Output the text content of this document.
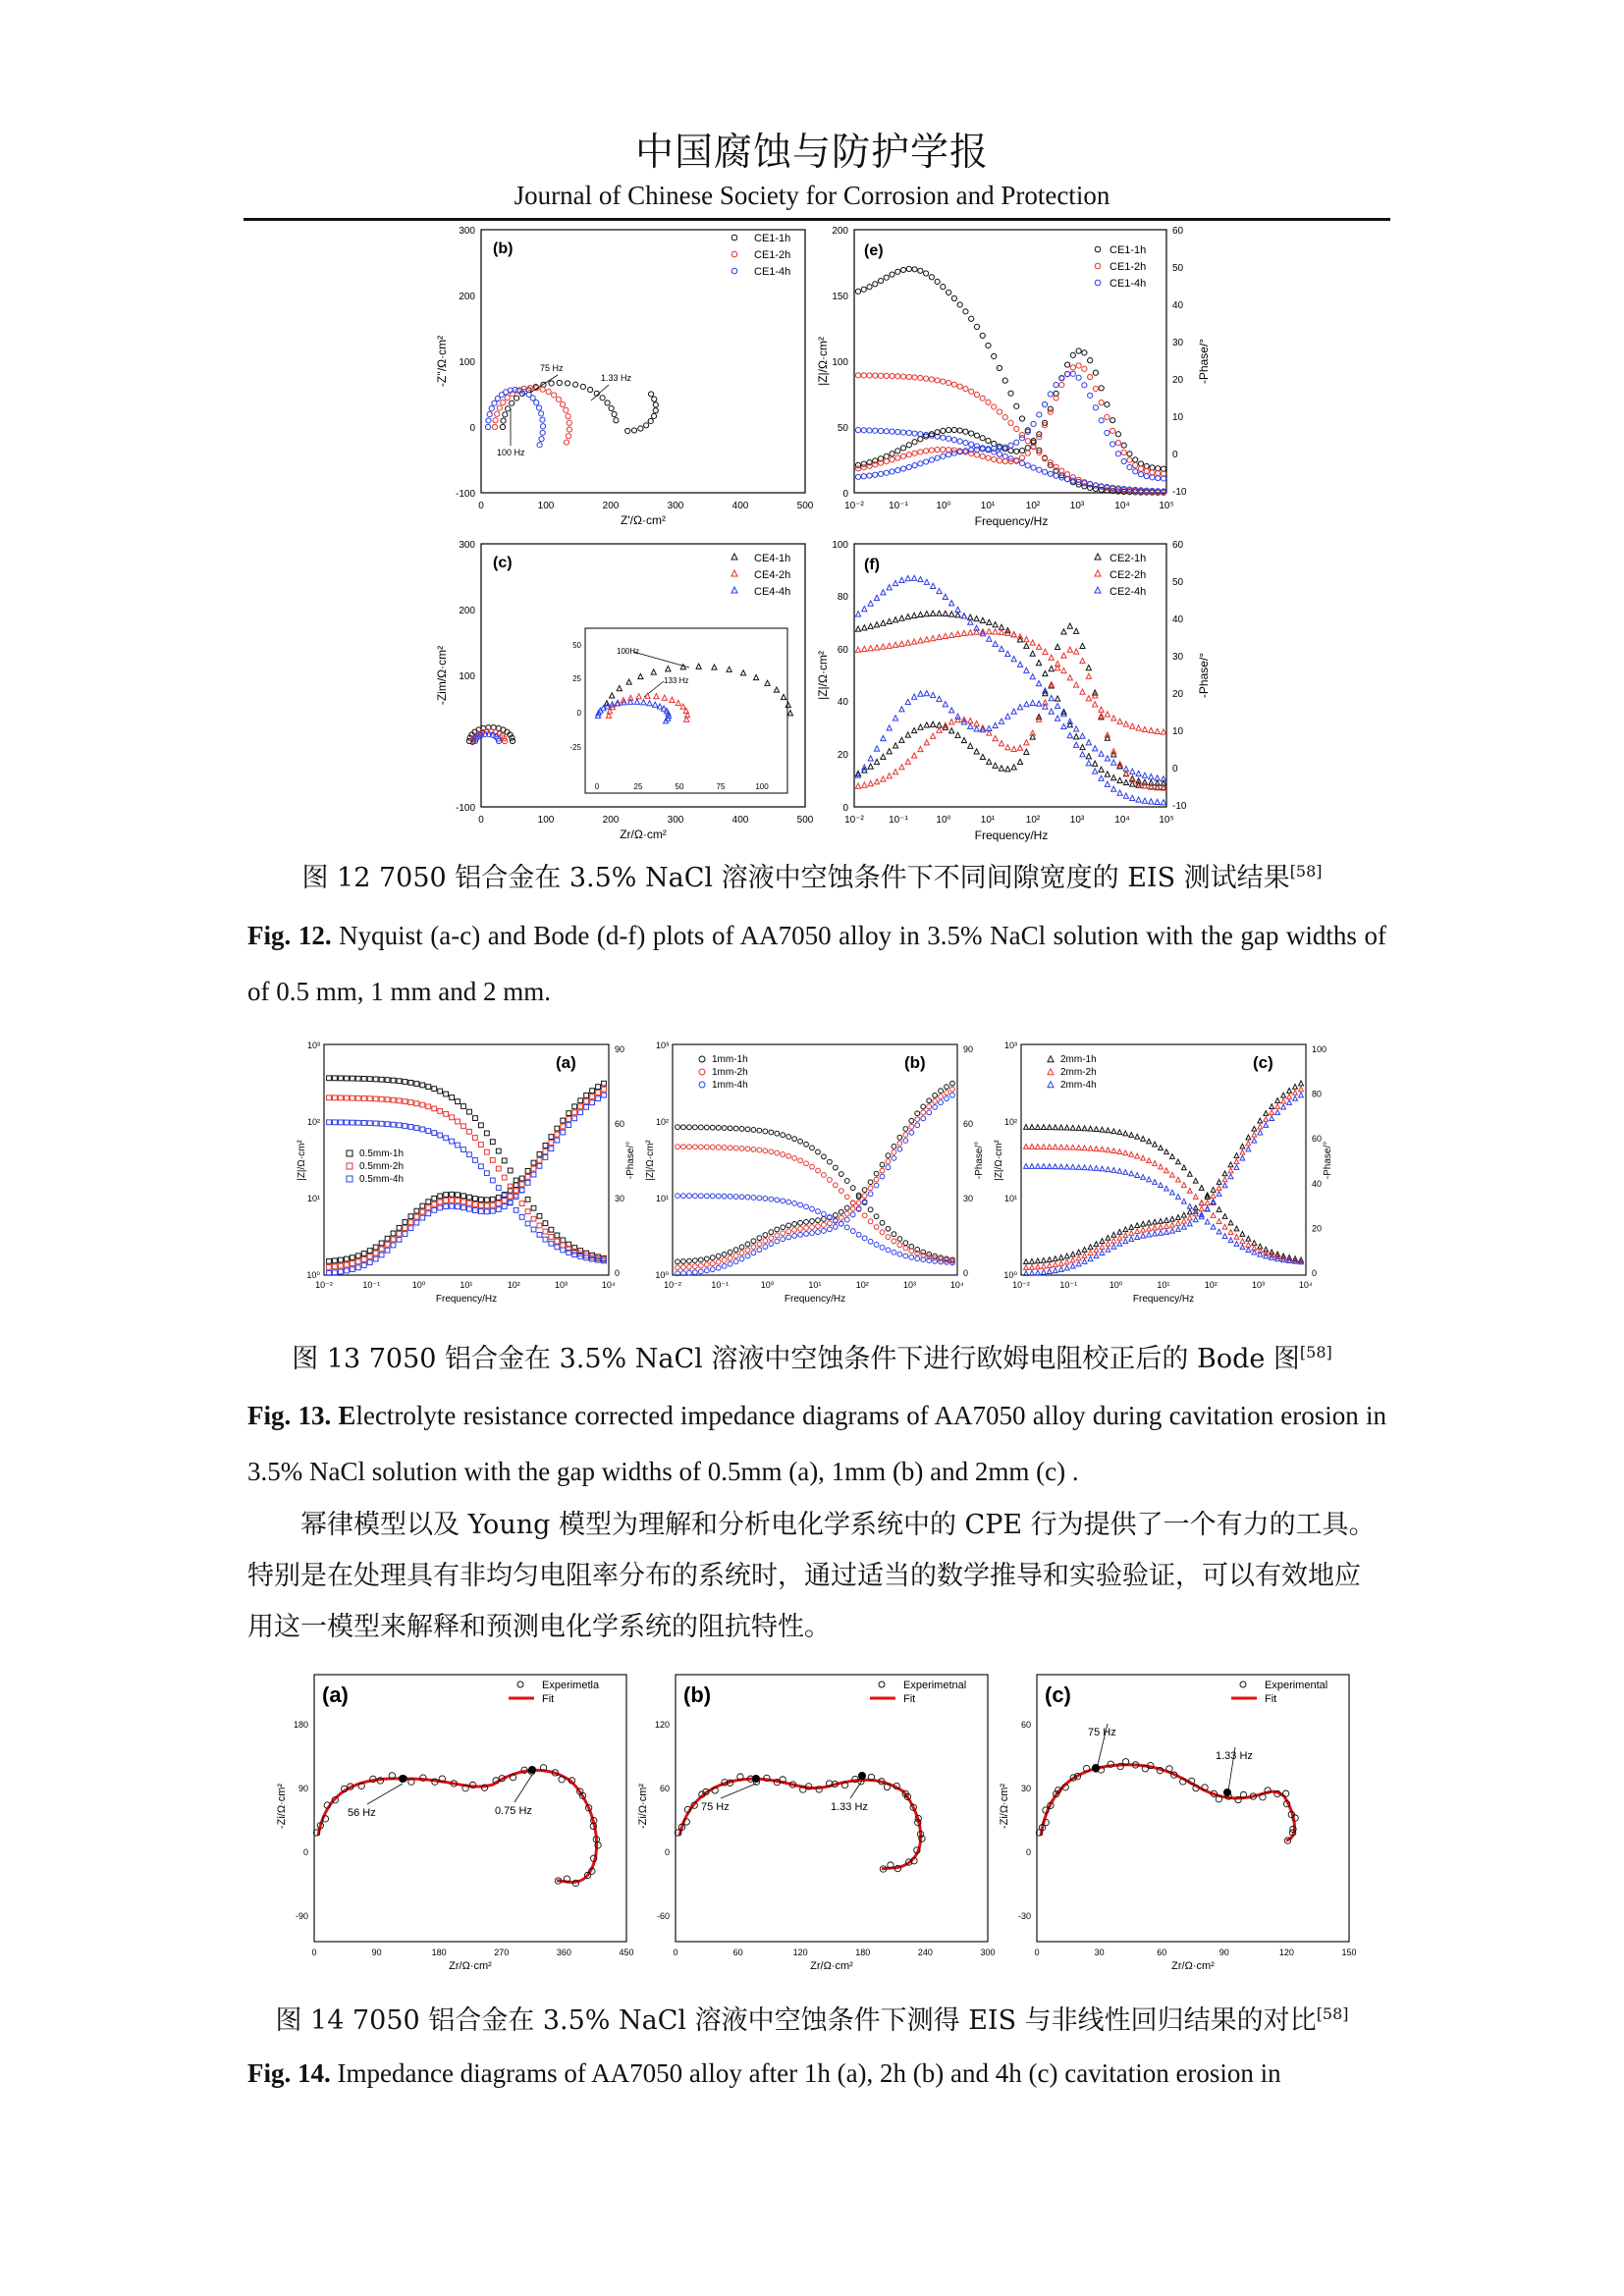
中国腐蚀与防护学报
Journal of Chinese Society for Corrosion and Protection
300
200
100
0
-100
0	100	200	300	400	500
Z'/Ω·cm²
-Z''/Ω·cm²
(b)
CE1-1h
CE1-2h
CE1-4h
75 Hz
1.33 Hz
100 Hz
200
150
100
50
0
60
50
40
30
20
10
0
-10
10⁻²	10⁻¹	10⁰	10¹	10²	10³	10⁴	10⁵
Frequency/Hz
|Z|/Ω·cm²	-Phase/°
(e)	CE1-1h
CE1-2h
CE1-4h
300
200
100
0
-100
0	100	200	300	400	500
Zr/Ω·cm²
-Zim/Ω·cm²
(c)	CE4-1h
CE4-2h
CE4-4h
50
25
0
-25
0	25	50	75	100
100Hz
133 Hz
100
80
60
40
20
0
60
50
40
30
20
10
0
-10
10⁻²	10⁻¹	10⁰	10¹	10²	10³	10⁴	10⁵
Frequency/Hz
|Z|/Ω·cm²	-Phase/°
(f)	CE2-1h
CE2-2h
CE2-4h
图 12 7050 铝合金在 3.5% NaCl 溶液中空蚀条件下不同间隙宽度的 EIS 测试结果[58]
Fig. 12. Nyquist (a-c) and Bode (d-f) plots of AA7050 alloy in 3.5% NaCl solution with the gap widths of of 0.5 mm, 1 mm and 2 mm.
10³
10²
10¹
10⁰
90
60
30
0
10⁻²	10⁻¹	10⁰	10¹	10²	10³	10⁴
Frequency/Hz
|Z|/Ω·cm²	-Phase/°
(a)
0.5mm-1h
0.5mm-2h
0.5mm-4h
10³
10²
10¹
10⁰
90
60
30
0
10⁻²	10⁻¹	10⁰	10¹	10²	10³	10⁴
Frequency/Hz
|Z|/Ω·cm²	-Phase/°
(b)
1mm-1h
1mm-2h
1mm-4h
10³
10²
10¹
10⁰
100
80
60
40
20
0
10⁻²	10⁻¹	10⁰	10¹	10²	10³	10⁴
Frequency/Hz
|Z|/Ω·cm²	-Phase/°
(c)
2mm-1h
2mm-2h
2mm-4h
图 13 7050 铝合金在 3.5% NaCl 溶液中空蚀条件下进行欧姆电阻校正后的 Bode 图[58]
Fig. 13. Electrolyte resistance corrected impedance diagrams of AA7050 alloy during cavitation erosion in 3.5% NaCl solution with the gap widths of 0.5mm (a), 1mm (b) and 2mm (c) .
幂律模型以及 Young 模型为理解和分析电化学系统中的 CPE 行为提供了一个有力的工具。特别是在处理具有非均匀电阻率分布的系统时，通过适当的数学推导和实验验证，可以有效地应用这一模型来解释和预测电化学系统的阻抗特性。
180
90
0
-90
0	90	180	270	360	450
Zr/Ω·cm²
-Zi/Ω·cm²
(a)	Experimetla
Fit
56 Hz	0.75 Hz
120
60
0
-60
0	60	120	180	240	300
Zr/Ω·cm²
-Zi/Ω·cm²
(b)	Experimetnal
Fit
75 Hz	1.33 Hz
60
30
0
-30
0	30	60	90	120	150
Zr/Ω·cm²
-Zi/Ω·cm²
(c)	Experimental
Fit
75 Hz
1.33 Hz
图 14 7050 铝合金在 3.5% NaCl 溶液中空蚀条件下测得 EIS 与非线性回归结果的对比[58]
Fig. 14. Impedance diagrams of AA7050 alloy after 1h (a), 2h (b) and 4h (c) cavitation erosion in
